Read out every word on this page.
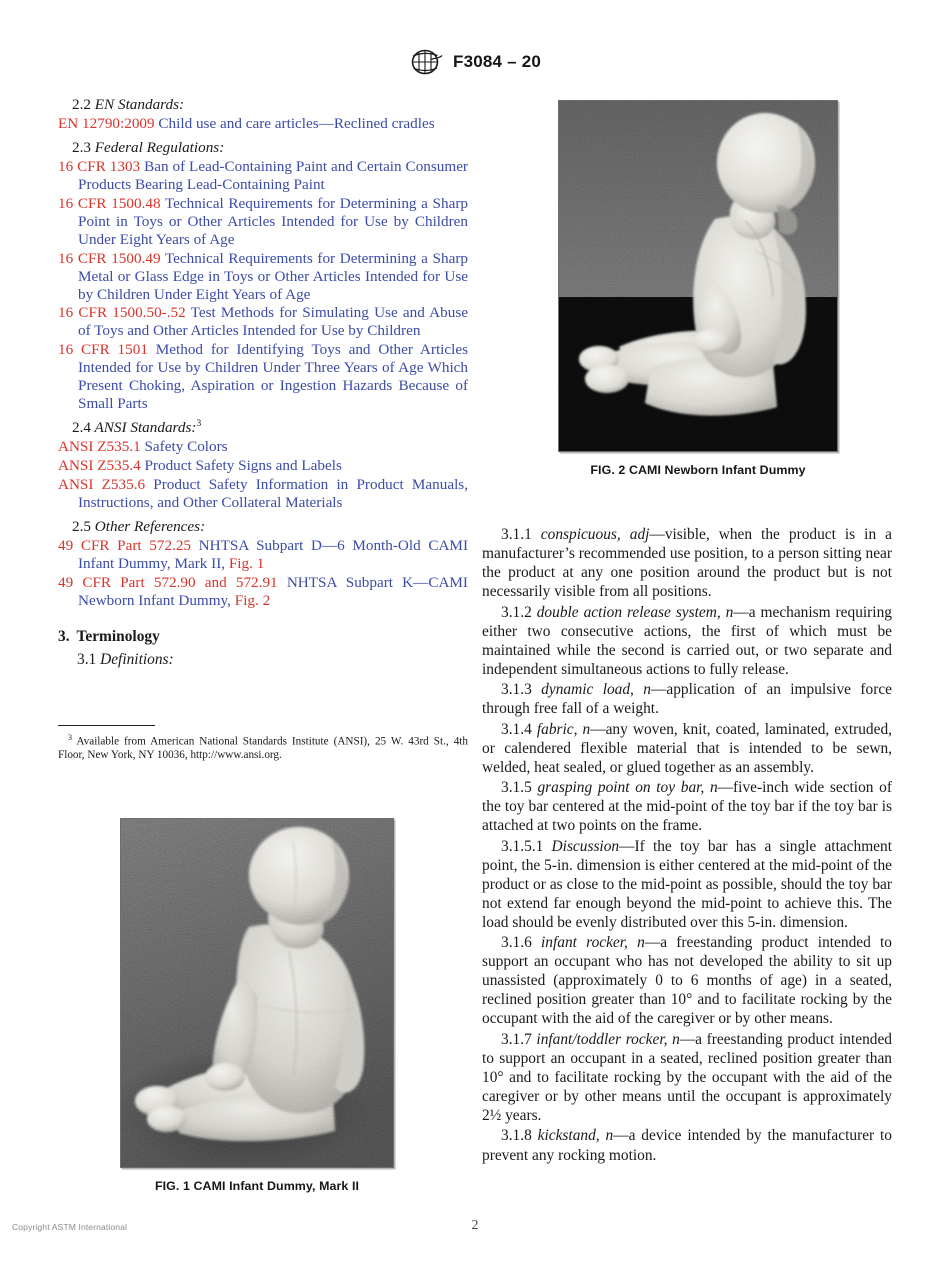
F3084 – 20
2.2 EN Standards:

EN 12790:2009 Child use and care articles—Reclined cradles

2.3 Federal Regulations:

16 CFR 1303 Ban of Lead-Containing Paint and Certain Consumer Products Bearing Lead-Containing Paint

16 CFR 1500.48 Technical Requirements for Determining a Sharp Point in Toys or Other Articles Intended for Use by Children Under Eight Years of Age

16 CFR 1500.49 Technical Requirements for Determining a Sharp Metal or Glass Edge in Toys or Other Articles Intended for Use by Children Under Eight Years of Age

16 CFR 1500.50-.52 Test Methods for Simulating Use and Abuse of Toys and Other Articles Intended for Use by Children

16 CFR 1501 Method for Identifying Toys and Other Articles Intended for Use by Children Under Three Years of Age Which Present Choking, Aspiration or Ingestion Hazards Because of Small Parts

2.4 ANSI Standards:$^3$

ANSI Z535.1 Safety Colors

ANSI Z535.4 Product Safety Signs and Labels

ANSI Z535.6 Product Safety Information in Product Manuals, Instructions, and Other Collateral Materials

2.5 Other References:

49 CFR Part 572.25 NHTSA Subpart D—6 Month-Old CAMI Infant Dummy, Mark II, Fig. 1

49 CFR Part 572.90 and 572.91 NHTSA Subpart K—CAMI Newborn Infant Dummy, Fig. 2

3. Terminology

3.1 Definitions:

$^3$ Available from American National Standards Institute (ANSI), 25 W. 43rd St., 4th Floor, New York, NY 10036, http://www.ansi.org.

3.1.1 conspicuous, adj—visible, when the product is in a manufacturer’s recommended use position, to a person sitting near the product at any one position around the product but is not necessarily visible from all positions.

3.1.2 double action release system, n—a mechanism requiring either two consecutive actions, the first of which must be maintained while the second is carried out, or two separate and independent simultaneous actions to fully release.

3.1.3 dynamic load, n—application of an impulsive force through free fall of a weight.

3.1.4 fabric, n—any woven, knit, coated, laminated, extruded, or calendered flexible material that is intended to be sewn, welded, heat sealed, or glued together as an assembly.

3.1.5 grasping point on toy bar, n—five-inch wide section of the toy bar centered at the mid-point of the toy bar if the toy bar is attached at two points on the frame.

3.1.5.1 Discussion—If the toy bar has a single attachment point, the 5-in. dimension is either centered at the mid-point of the product or as close to the mid-point as possible, should the toy bar not extend far enough beyond the mid-point to achieve this. The load should be evenly distributed over this 5-in. dimension.

3.1.6 infant rocker, n—a freestanding product intended to support an occupant who has not developed the ability to sit up unassisted (approximately 0 to 6 months of age) in a seated, reclined position greater than 10° and to facilitate rocking by the occupant with the aid of the caregiver or by other means.

3.1.7 infant/toddler rocker, n—a freestanding product intended to support an occupant in a seated, reclined position greater than 10° and to facilitate rocking by the occupant with the aid of the caregiver or by other means until the occupant is approximately 2½ years.

3.1.8 kickstand, n—a device intended by the manufacturer to prevent any rocking motion.

FIG. 2 CAMI Newborn Infant Dummy
FIG. 1 CAMI Infant Dummy, Mark II
Copyright ASTM International	2
